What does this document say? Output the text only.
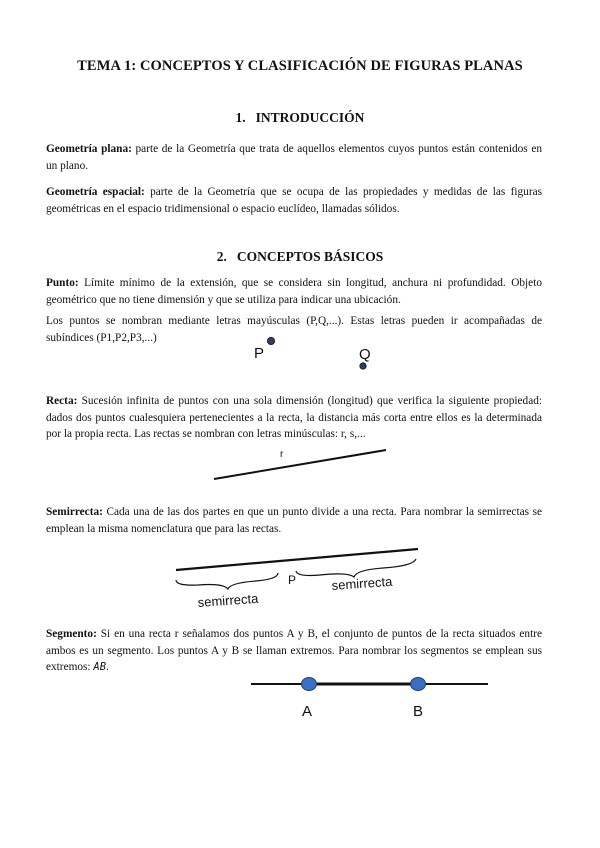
TEMA 1: CONCEPTOS Y CLASIFICACIÓN DE FIGURAS PLANAS
1. INTRODUCCIÓN
Geometría plana: parte de la Geometría que trata de aquellos elementos cuyos puntos están contenidos en un plano.
Geometría espacial: parte de la Geometría que se ocupa de las propiedades y medidas de las figuras geométricas en el espacio tridimensional o espacio euclídeo, llamadas sólidos.
2. CONCEPTOS BÁSICOS
Punto: Límite mínimo de la extensión, que se considera sin longitud, anchura ni profundidad. Objeto geométrico que no tiene dimensión y que se utiliza para indicar una ubicación.
Los puntos se nombran mediante letras mayúsculas (P,Q,...). Estas letras pueden ir acompañadas de subíndices (P1,P2,P3,...)
P	Q
Recta: Sucesión infinita de puntos con una sola dimensión (longitud) que verifica la siguiente propiedad: dados dos puntos cualesquiera pertenecientes a la recta, la distancia más corta entre ellos es la determinada por la propia recta. Las rectas se nombran con letras minúsculas: r, s,...
r
Semirrecta: Cada una de las dos partes en que un punto divide a una recta. Para nombrar la semirrectas se emplean la misma nomenclatura que para las rectas.
P
semirrecta
semirrecta
Segmento: Si en una recta r señalamos dos puntos A y B, el conjunto de puntos de la recta situados entre ambos es un segmento. Los puntos A y B se llaman extremos. Para nombrar los segmentos se emplean sus extremos: AB.
A	B
